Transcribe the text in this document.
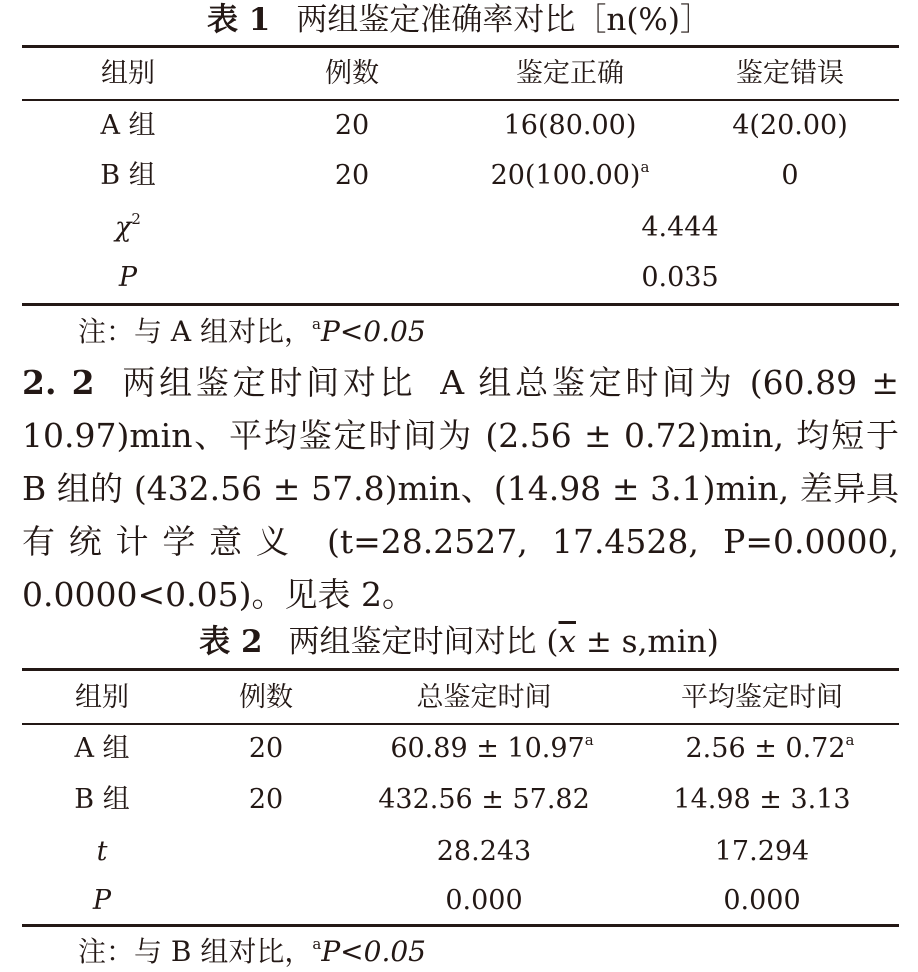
表 1 两组鉴定准确率对比［n(%)］
组别	例数	鉴定正确	鉴定错误
A 组	20	16(80.00)	4(20.00)
B 组	20	$20(100.00)^a$	0
$\chi^2$	4.444
P	0.035
注：与 A 组对比，$^a$P<0.05
2. 2 两组鉴定时间对比 A 组总鉴定时间为 (60.89 ± 10.97)min、平均鉴定时间为 (2.56 ± 0.72)min, 均短于 B 组的 (432.56 ± 57.8)min、(14.98 ± 3.1)min, 差异具有统计学意义 (t=28.2527, 17.4528, P=0.0000, 0.0000<0.05)。见表 2。
表 2 两组鉴定时间对比 $(\overline{x} \pm s,\min)$
组别	例数	总鉴定时间	平均鉴定时间
A 组	20	60.89 ± 10.97$^a$	2.56 ± 0.72$^a$
B 组	20	432.56 ± 57.82	14.98 ± 3.13
t	28.243	17.294
P	0.000	0.000
注：与 B 组对比，$^a$P<0.05
